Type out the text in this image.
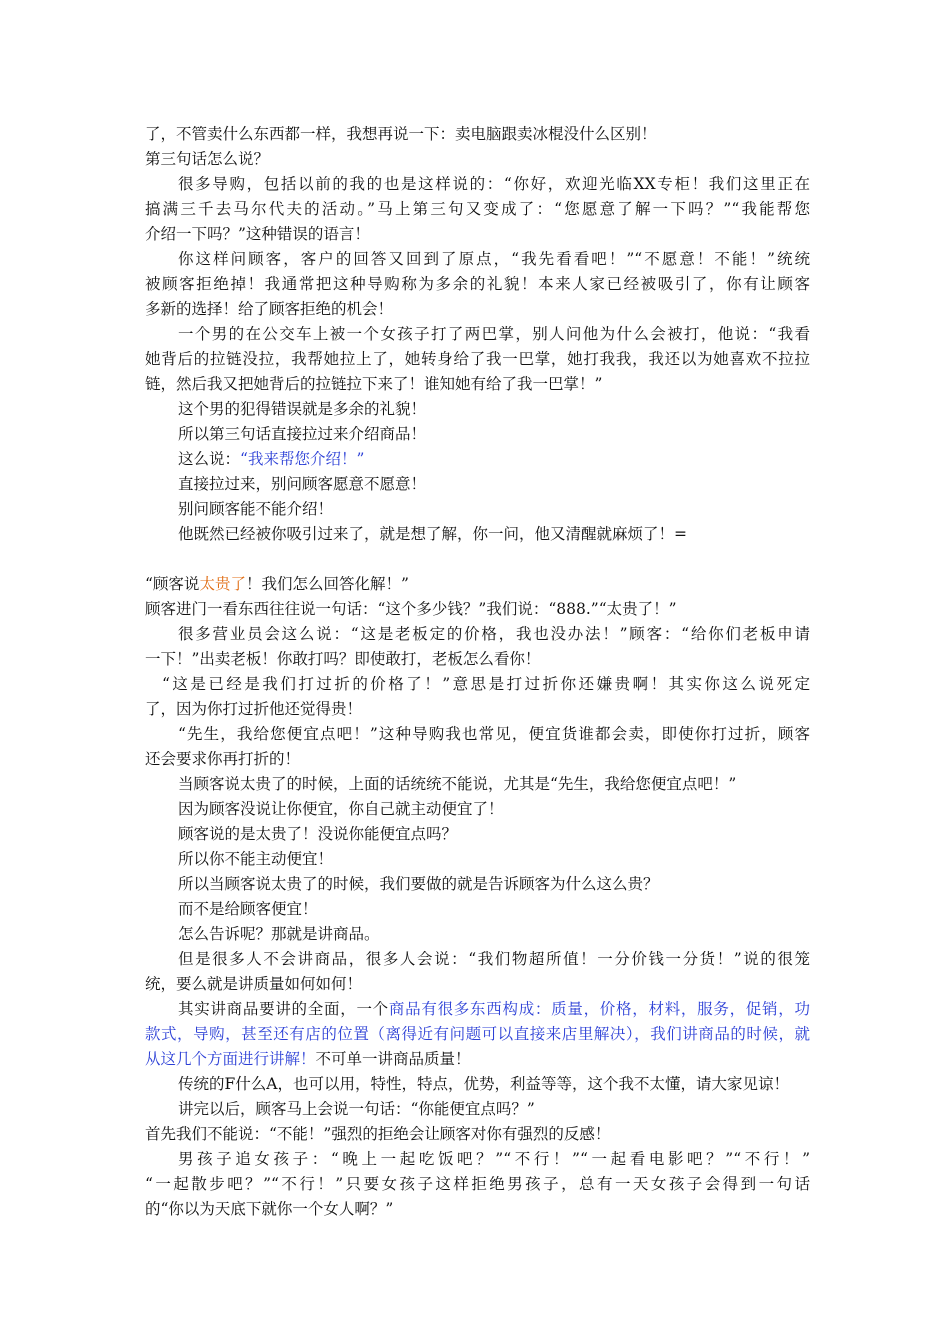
了，不管卖什么东西都一样，我想再说一下：卖电脑跟卖冰棍没什么区别！
第三句话怎么说？
很多导购，包括以前的我的也是这样说的：“你好，欢迎光临XX专柜！我们这里正在
搞满三千去马尔代夫的活动。”马上第三句又变成了：“您愿意了解一下吗？”“我能帮您
介绍一下吗？”这种错误的语言！
你这样问顾客，客户的回答又回到了原点，“我先看看吧！”“不愿意！不能！”统统
被顾客拒绝掉！我通常把这种导购称为多余的礼貌！本来人家已经被吸引了，你有让顾客
多新的选择！给了顾客拒绝的机会！
一个男的在公交车上被一个女孩子打了两巴掌，别人问他为什么会被打，他说：“我看
她背后的拉链没拉，我帮她拉上了，她转身给了我一巴掌，她打我我，我还以为她喜欢不拉拉
链，然后我又把她背后的拉链拉下来了！谁知她有给了我一巴掌！”
这个男的犯得错误就是多余的礼貌！
所以第三句话直接拉过来介绍商品！
这么说：“我来帮您介绍！”
直接拉过来，别问顾客愿意不愿意！
别问顾客能不能介绍！
他既然已经被你吸引过来了，就是想了解，你一问，他又清醒就麻烦了！=
“顾客说太贵了！我们怎么回答化解！”
顾客进门一看东西往往说一句话：“这个多少钱？”我们说：“888.”“太贵了！”
很多营业员会这么说：“这是老板定的价格，我也没办法！”顾客：“给你们老板申请
一下！”出卖老板！你敢打吗？即使敢打，老板怎么看你！
“这是已经是我们打过折的价格了！”意思是打过折你还嫌贵啊！其实你这么说死定
了，因为你打过折他还觉得贵！
“先生，我给您便宜点吧！”这种导购我也常见，便宜货谁都会卖，即使你打过折，顾客
还会要求你再打折的！
当顾客说太贵了的时候，上面的话统统不能说，尤其是“先生，我给您便宜点吧！”
因为顾客没说让你便宜，你自己就主动便宜了！
顾客说的是太贵了！没说你能便宜点吗？
所以你不能主动便宜！
所以当顾客说太贵了的时候，我们要做的就是告诉顾客为什么这么贵？
而不是给顾客便宜！
怎么告诉呢？那就是讲商品。
但是很多人不会讲商品，很多人会说：“我们物超所值！一分价钱一分货！”说的很笼
统，要么就是讲质量如何如何！
其实讲商品要讲的全面，一个商品有很多东西构成：质量，价格，材料，服务，促销，功
款式，导购，甚至还有店的位置（离得近有问题可以直接来店里解决），我们讲商品的时候，就
从这几个方面进行讲解！不可单一讲商品质量！
传统的F什么A，也可以用，特性，特点，优势，利益等等，这个我不太懂，请大家见谅！
讲完以后，顾客马上会说一句话：“你能便宜点吗？”
首先我们不能说：“不能！”强烈的拒绝会让顾客对你有强烈的反感！
男孩子追女孩子：“晚上一起吃饭吧？”“不行！”“一起看电影吧？”“不行！”
“一起散步吧？”“不行！”只要女孩子这样拒绝男孩子，总有一天女孩子会得到一句话
的“你以为天底下就你一个女人啊？”
